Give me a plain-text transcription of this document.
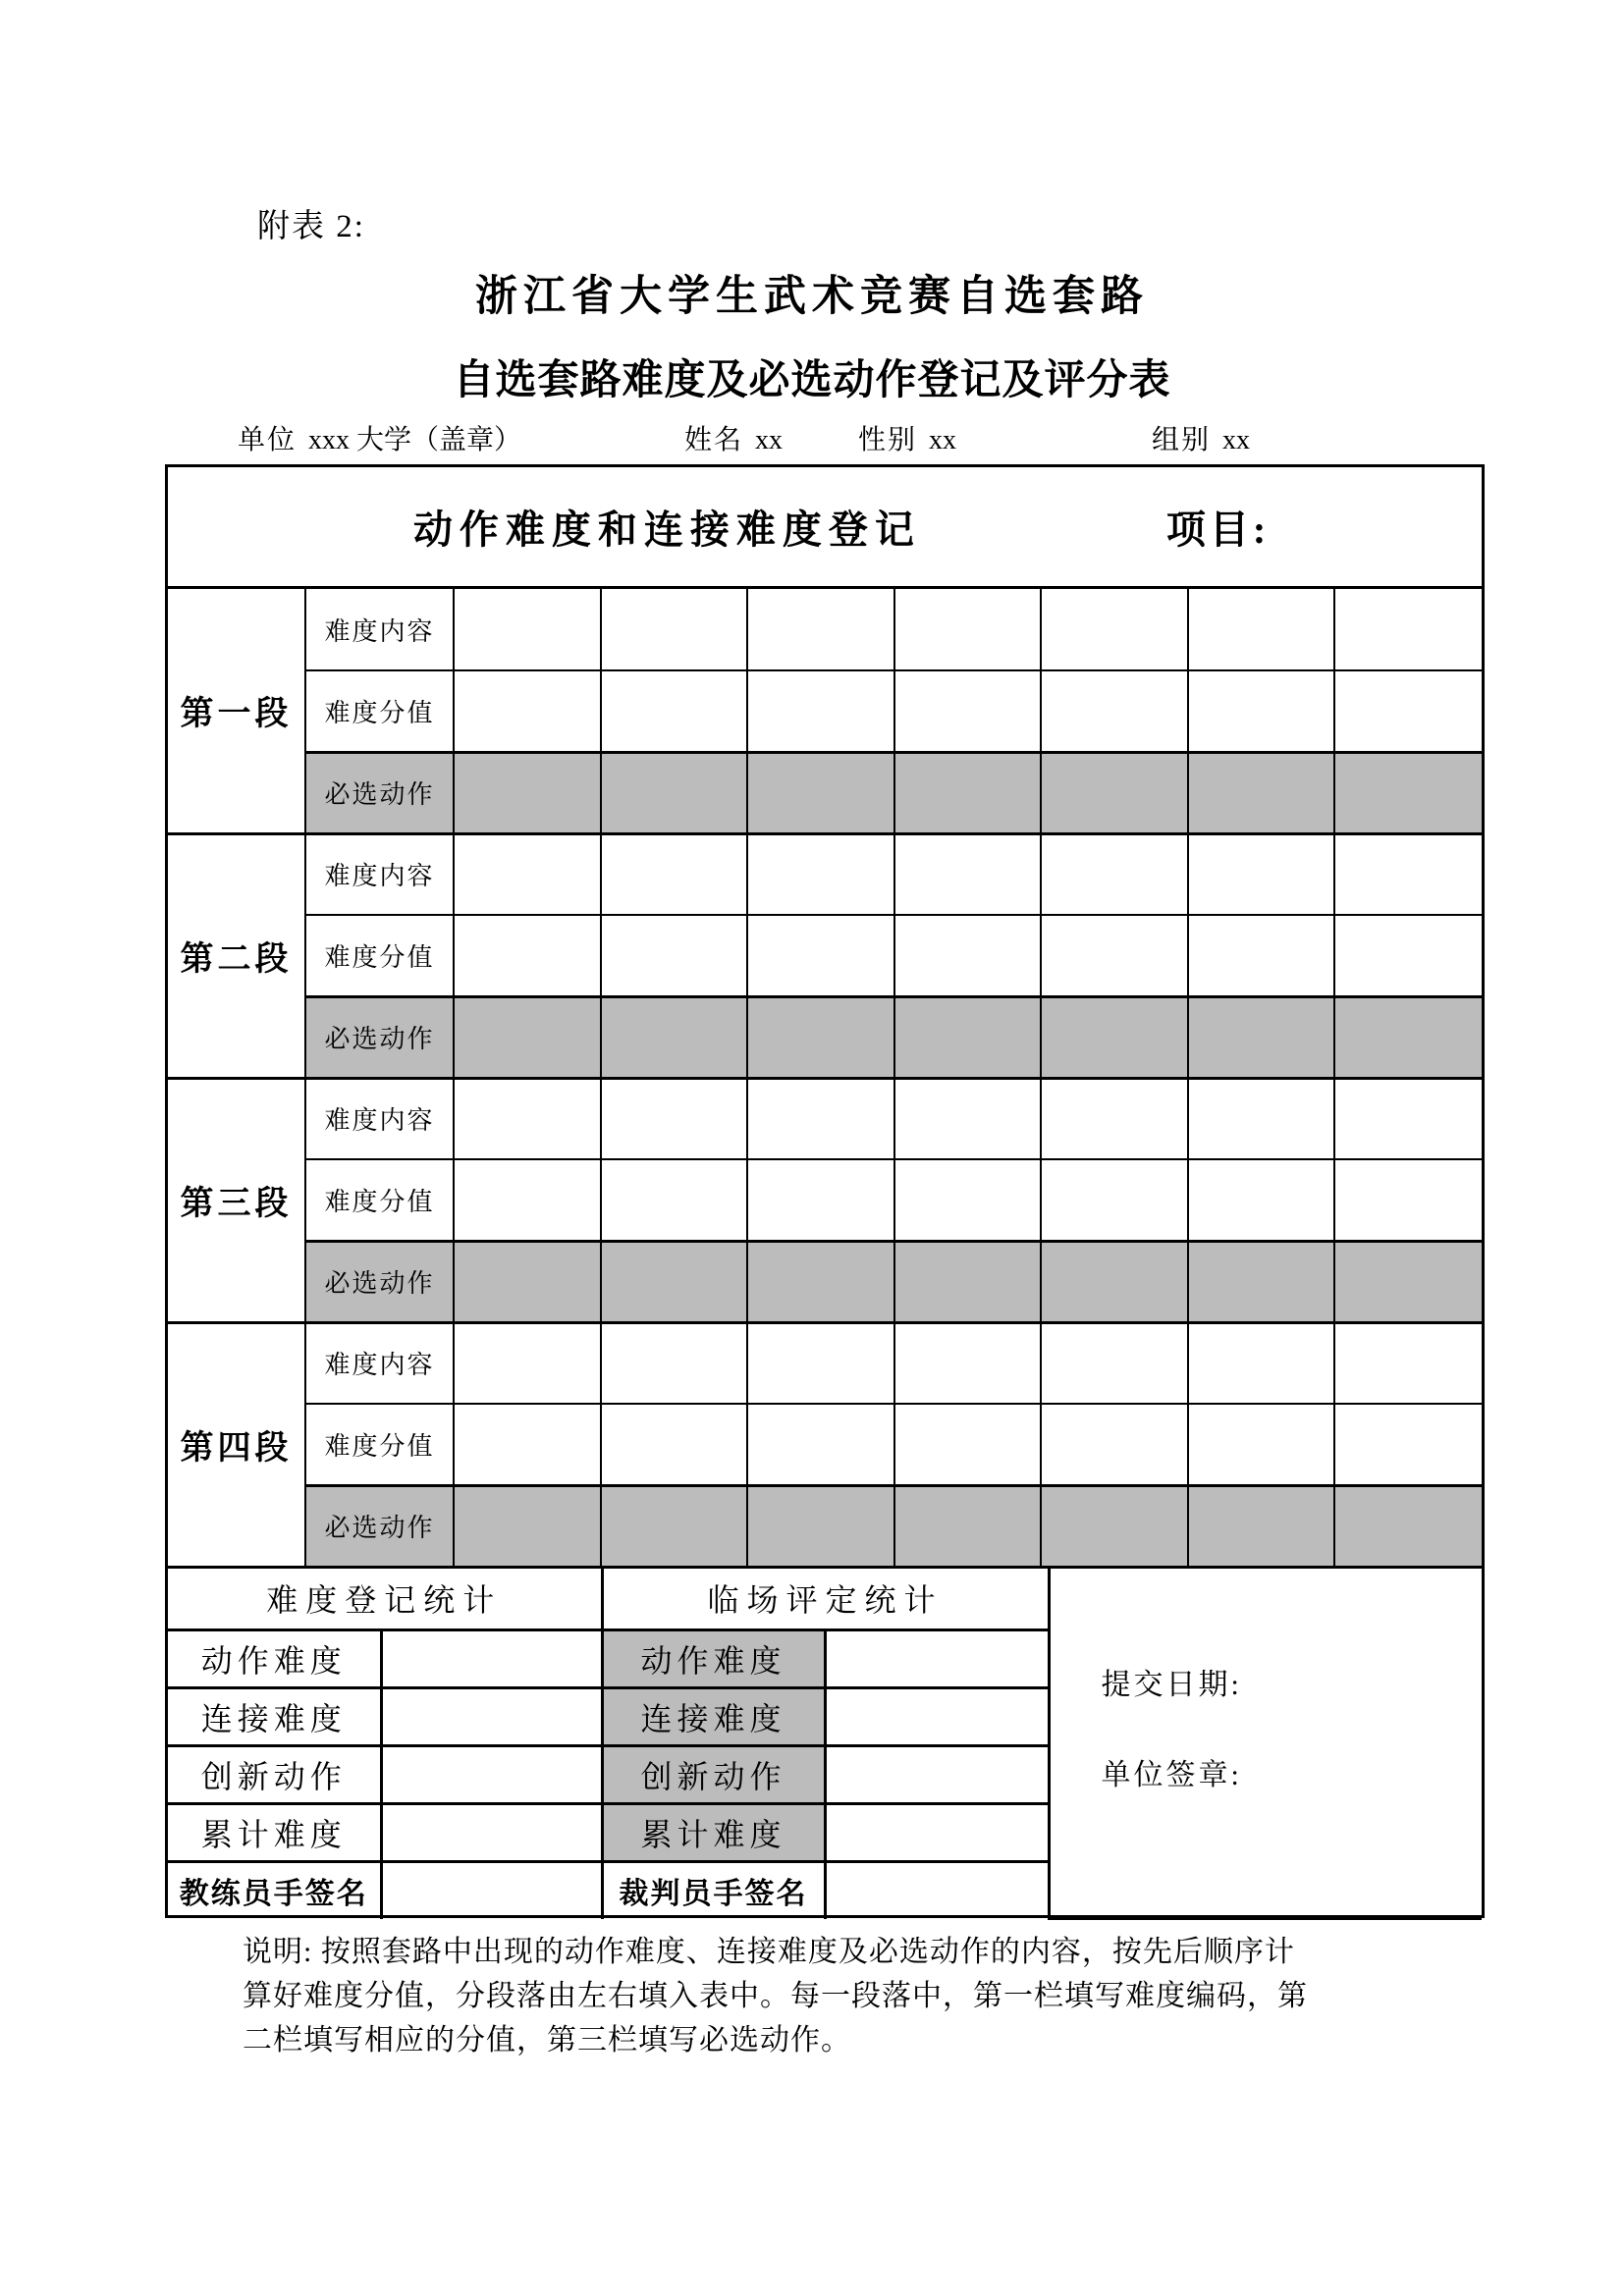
附表 2:
浙江省大学生武术竞赛自选套路
自选套路难度及必选动作登记及评分表
单位 xxx 大学（盖章）	姓名 xx	性别 xx	组别 xx
动作难度和连接难度登记	项目:
第一段	难度内容							
	难度分值							
	必选动作							
第二段	难度内容							
	难度分值							
	必选动作							
第三段	难度内容							
	难度分值							
	必选动作							
第四段	难度内容							
	难度分值							
	必选动作							
难度登记统计		临场评定统计		提交日期:
单位签章:

动作难度		动作难度		
连接难度		连接难度		
创新动作		创新动作		
累计难度		累计难度		
教练员手签名		裁判员手签名		
说明: 按照套路中出现的动作难度、连接难度及必选动作的内容，按先后顺序计
算好难度分值，分段落由左右填入表中。每一段落中，第一栏填写难度编码，第
二栏填写相应的分值，第三栏填写必选动作。
